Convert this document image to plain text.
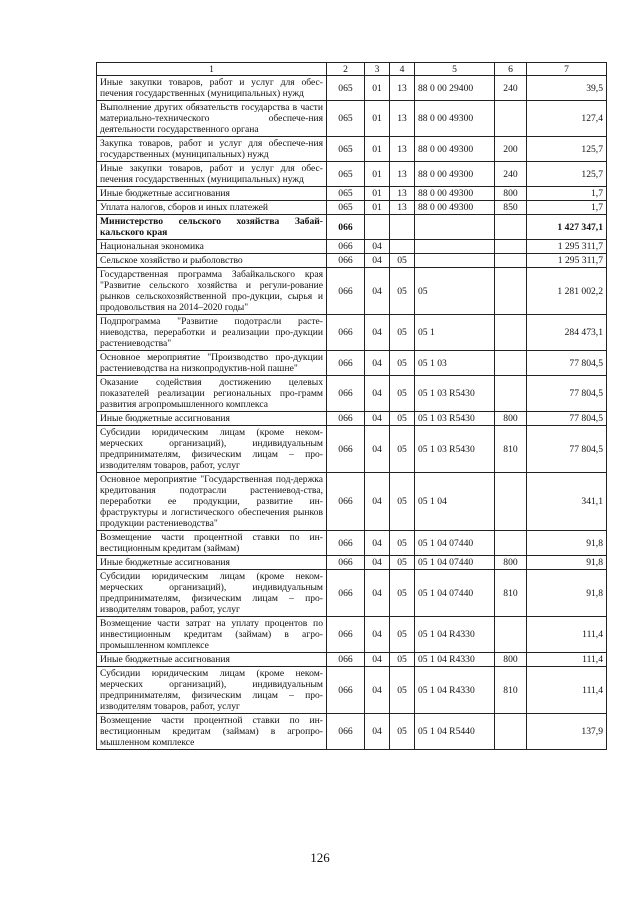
1	2	3	4	5	6	7
Иные закупки товаров, работ и услуг для обес-печения государственных (муниципальных) нужд	065	01	13	88 0 00 29400	240	39,5
Выполнение других обязательств государства в части материально-технического обеспече-ния деятельности государственного органа	065	01	13	88 0 00 49300		127,4
Закупка товаров, работ и услуг для обеспече-ния государственных (муниципальных) нужд	065	01	13	88 0 00 49300	200	125,7
Иные закупки товаров, работ и услуг для обес-печения государственных (муниципальных) нужд	065	01	13	88 0 00 49300	240	125,7
Иные бюджетные ассигнования	065	01	13	88 0 00 49300	800	1,7
Уплата налогов, сборов и иных платежей	065	01	13	88 0 00 49300	850	1,7
Министерство сельского хозяйства Забай-кальского края	066					1 427 347,1
Национальная экономика	066	04				1 295 311,7
Сельское хозяйство и рыболовство	066	04	05			1 295 311,7
Государственная программа Забайкальского края "Развитие сельского хозяйства и регули-рование рынков сельскохозяйственной про-дукции, сырья и продовольствия на 2014–2020 годы"	066	04	05	05		1 281 002,2
Подпрограмма "Развитие подотрасли расте-ниеводства, переработки и реализации про-дукции растениеводства"	066	04	05	05 1		284 473,1
Основное мероприятие "Производство про-дукции растениеводства на низкопродуктив-ной пашне"	066	04	05	05 1 03		77 804,5
Оказание содействия достижению целевых показателей реализации региональных про-грамм развития агропромышленного комплекса	066	04	05	05 1 03 R5430		77 804,5
Иные бюджетные ассигнования	066	04	05	05 1 03 R5430	800	77 804,5
Субсидии юридическим лицам (кроме неком-мерческих организаций), индивидуальным предпринимателям, физическим лицам – про-изводителям товаров, работ, услуг	066	04	05	05 1 03 R5430	810	77 804,5
Основное мероприятие "Государственная под-держка кредитования подотрасли растениевод-ства, переработки ее продукции, развитие ин-фраструктуры и логистического обеспечения рынков продукции растениеводства"	066	04	05	05 1 04		341,1
Возмещение части процентной ставки по ин-вестиционным кредитам (займам)	066	04	05	05 1 04 07440		91,8
Иные бюджетные ассигнования	066	04	05	05 1 04 07440	800	91,8
Субсидии юридическим лицам (кроме неком-мерческих организаций), индивидуальным предпринимателям, физическим лицам – про-изводителям товаров, работ, услуг	066	04	05	05 1 04 07440	810	91,8
Возмещение части затрат на уплату процентов по инвестиционным кредитам (займам) в агро-промышленном комплексе	066	04	05	05 1 04 R4330		111,4
Иные бюджетные ассигнования	066	04	05	05 1 04 R4330	800	111,4
Субсидии юридическим лицам (кроме неком-мерческих организаций), индивидуальным предпринимателям, физическим лицам – про-изводителям товаров, работ, услуг	066	04	05	05 1 04 R4330	810	111,4
Возмещение части процентной ставки по ин-вестиционным кредитам (займам) в агропро-мышленном комплексе	066	04	05	05 1 04 R5440		137,9
126
